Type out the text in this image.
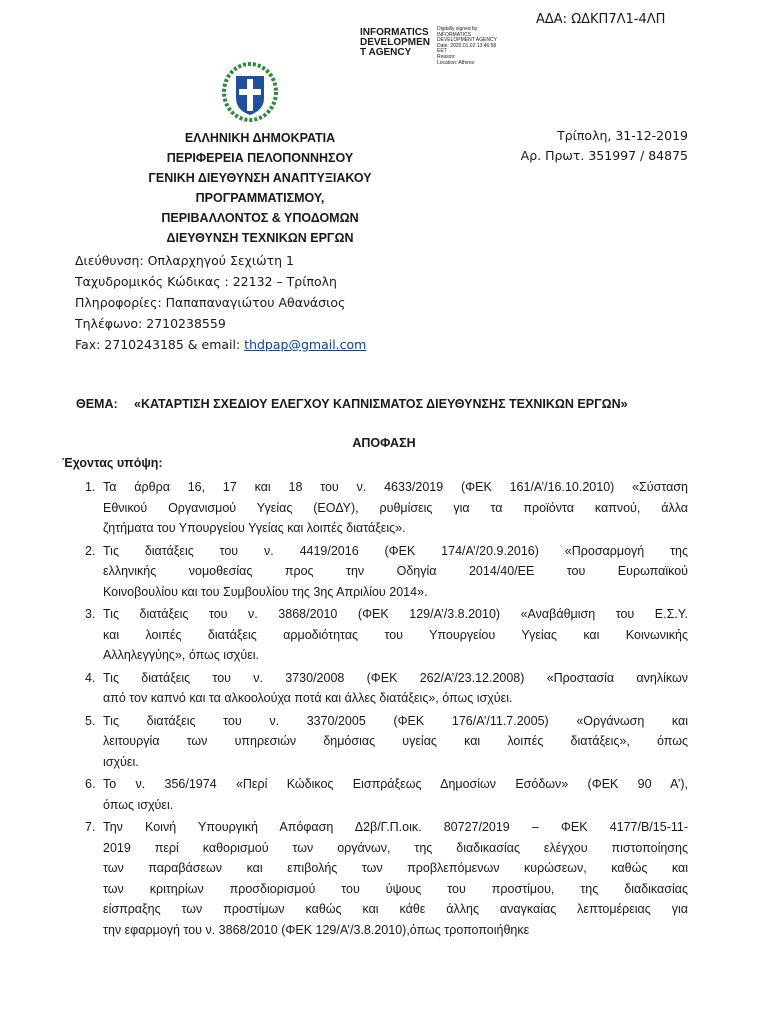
ΑΔΑ: ΩΔΚΠ7Λ1-4ΛΠ
INFORMATICS
DEVELOPMEN
T AGENCY
Digitally signed by
INFORMATICS
DEVELOPMENT AGENCY
Date: 2020.01.02 13:46:58
EET
Reason:
Location: Athens
ΕΛΛΗΝΙΚΗ ΔΗΜΟΚΡΑΤΙΑ
ΠΕΡΙΦΕΡΕΙΑ ΠΕΛΟΠΟΝΝΗΣΟΥ
ΓΕΝΙΚΗ ΔΙΕΥΘΥΝΣΗ ΑΝΑΠΤΥΞΙΑΚΟΥ
ΠΡΟΓΡΑΜΜΑΤΙΣΜΟΥ,
ΠΕΡΙΒΑΛΛΟΝΤΟΣ & ΥΠΟΔΟΜΩΝ
ΔΙΕΥΘΥΝΣΗ ΤΕΧΝΙΚΩΝ ΕΡΓΩΝ
Τρίπολη, 31-12-2019
Αρ. Πρωτ. 351997 / 84875
Διεύθυνση: Οπλαρχηγού Σεχιώτη 1
Ταχυδρομικός Κώδικας : 22132 – Τρίπολη
Πληροφορίες: Παπαπαναγιώτου Αθανάσιος
Τηλέφωνο: 2710238559
Fax: 2710243185 & email: thdpap@gmail.com
ΘΕΜΑ: «ΚΑΤΑΡΤΙΣΗ ΣΧΕΔΙΟΥ ΕΛΕΓΧΟΥ ΚΑΠΝΙΣΜΑΤΟΣ ΔΙΕΥΘΥΝΣΗΣ ΤΕΧΝΙΚΩΝ ΕΡΓΩΝ»
ΑΠΟΦΑΣΗ
Έχοντας υπόψη:
1. Τα άρθρα 16, 17 και 18 του ν. 4633/2019 (ΦΕΚ 161/Α’/16.10.2010) «Σύσταση
Εθνικού Οργανισμού Υγείας (ΕΟΔΥ), ρυθμίσεις για τα προϊόντα καπνού, άλλα
ζητήματα του Υπουργείου Υγείας και λοιπές διατάξεις».
2. Τις διατάξεις του ν. 4419/2016 (ΦΕΚ 174/Α’/20.9.2016) «Προσαρμογή της
ελληνικής νομοθεσίας προς την Οδηγία 2014/40/ΕΕ του Ευρωπαϊκού
Κοινοβουλίου και του Συμβουλίου της 3ης Απριλίου 2014».
3. Τις διατάξεις του ν. 3868/2010 (ΦΕΚ 129/Α’/3.8.2010) «Αναβάθμιση του Ε.Σ.Υ.
και λοιπές διατάξεις αρμοδιότητας του Υπουργείου Υγείας και Κοινωνικής
Αλληλεγγύης», όπως ισχύει.
4. Τις διατάξεις του ν. 3730/2008 (ΦΕΚ 262/Α’/23.12.2008) «Προστασία ανηλίκων
από τον καπνό και τα αλκοολούχα ποτά και άλλες διατάξεις», όπως ισχύει.
5. Τις διατάξεις του ν. 3370/2005 (ΦΕΚ 176/Α’/11.7.2005) «Οργάνωση και
λειτουργία των υπηρεσιών δημόσιας υγείας και λοιπές διατάξεις», όπως
ισχύει.
6. Το ν. 356/1974 «Περί Κώδικος Εισπράξεως Δημοσίων Εσόδων» (ΦΕΚ 90 Α’),
όπως ισχύει.
7. Την Κοινή Υπουργική Απόφαση Δ2β/Γ.Π.οικ. 80727/2019 – ΦΕΚ 4177/Β/15-11-
2019 περί καθορισμού των οργάνων, της διαδικασίας ελέγχου πιστοποίησης
των παραβάσεων και επιβολής των προβλεπόμενων κυρώσεων, καθώς και
των κριτηρίων προσδιορισμού του ύψους του προστίμου, της διαδικασίας
είσπραξης των προστίμων καθώς και κάθε άλλης αναγκαίας λεπτομέρειας για
την εφαρμογή του ν. 3868/2010 (ΦΕΚ 129/Α’/3.8.2010),όπως τροποποιήθηκε
